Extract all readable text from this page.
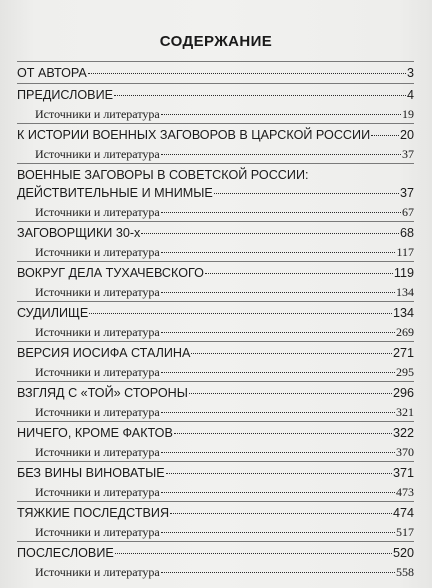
СОДЕРЖАНИЕ
ОТ АВТОРА	3
ПРЕДИСЛОВИЕ	4
Источники и литература	19
К ИСТОРИИ ВОЕННЫХ ЗАГОВОРОВ В ЦАРСКОЙ РОССИИ 20
Источники и литература	37
ВОЕННЫЕ ЗАГОВОРЫ В СОВЕТСКОЙ РОССИИ:
ДЕЙСТВИТЕЛЬНЫЕ И МНИМЫЕ	37
Источники и литература	67
ЗАГОВОРЩИКИ 30-х	68
Источники и литература	117
ВОКРУГ ДЕЛА ТУХАЧЕВСКОГО	119
Источники и литература	134
СУДИЛИЩЕ	134
Источники и литература	269
ВЕРСИЯ ИОСИФА СТАЛИНА	271
Источники и литература	295
ВЗГЛЯД С «ТОЙ» СТОРОНЫ	296
Источники и литература	321
НИЧЕГО, КРОМЕ ФАКТОВ	322
Источники и литература	370
БЕЗ ВИНЫ ВИНОВАТЫЕ	371
Источники и литература	473
ТЯЖКИЕ ПОСЛЕДСТВИЯ	474
Источники и литература	517
ПОСЛЕСЛОВИЕ	520
Источники и литература	558
